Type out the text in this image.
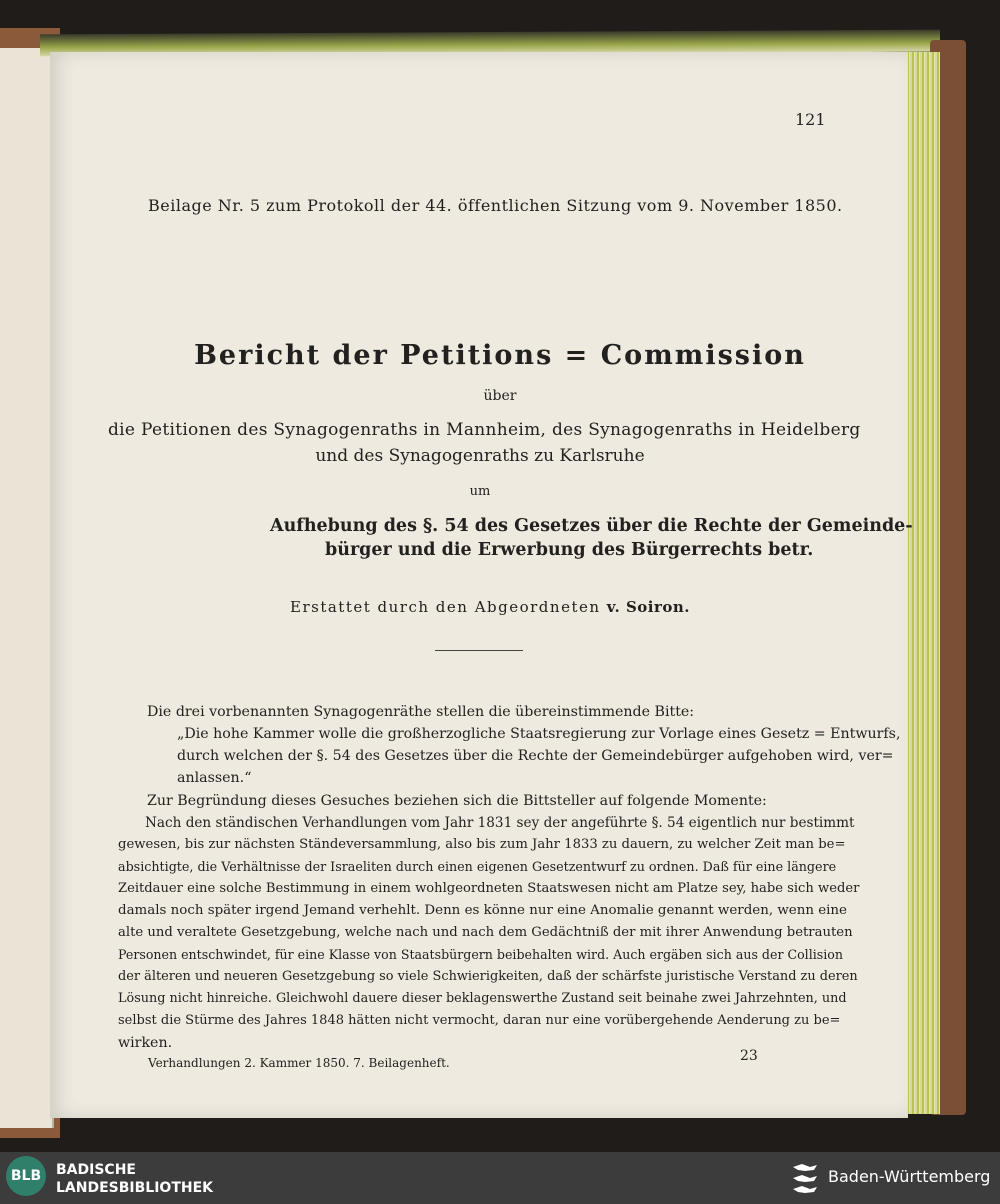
121
Beilage Nr. 5 zum Protokoll der 44. öffentlichen Sitzung vom 9. November 1850.
Bericht der Petitions = Commission
über
die Petitionen des Synagogenraths in Mannheim, des Synagogenraths in Heidelberg
und des Synagogenraths zu Karlsruhe
um
Aufhebung des §. 54 des Gesetzes über die Rechte der Gemeinde-
bürger und die Erwerbung des Bürgerrechts betr.
Erstattet durch den Abgeordneten v. Soiron.
Die drei vorbenannten Synagogenräthe stellen die übereinstimmende Bitte:
„Die hohe Kammer wolle die großherzogliche Staatsregierung zur Vorlage eines Gesetz = Entwurfs,
durch welchen der §. 54 des Gesetzes über die Rechte der Gemeindebürger aufgehoben wird, ver=
anlassen.“
Zur Begründung dieses Gesuches beziehen sich die Bittsteller auf folgende Momente:
Nach den ständischen Verhandlungen vom Jahr 1831 sey der angeführte §. 54 eigentlich nur bestimmt
gewesen, bis zur nächsten Ständeversammlung, also bis zum Jahr 1833 zu dauern, zu welcher Zeit man be=
absichtigte, die Verhältnisse der Israeliten durch einen eigenen Gesetzentwurf zu ordnen. Daß für eine längere
Zeitdauer eine solche Bestimmung in einem wohlgeordneten Staatswesen nicht am Platze sey, habe sich weder
damals noch später irgend Jemand verhehlt. Denn es könne nur eine Anomalie genannt werden, wenn eine
alte und veraltete Gesetzgebung, welche nach und nach dem Gedächtniß der mit ihrer Anwendung betrauten
Personen entschwindet, für eine Klasse von Staatsbürgern beibehalten wird. Auch ergäben sich aus der Collision
der älteren und neueren Gesetzgebung so viele Schwierigkeiten, daß der schärfste juristische Verstand zu deren
Lösung nicht hinreiche. Gleichwohl dauere dieser beklagenswerthe Zustand seit beinahe zwei Jahrzehnten, und
selbst die Stürme des Jahres 1848 hätten nicht vermocht, daran nur eine vorübergehende Aenderung zu be=
wirken.
Verhandlungen 2. Kammer 1850. 7. Beilagenheft.	23
BLB	BADISCHE
LANDESBIBLIOTHEK
Baden-Württemberg
